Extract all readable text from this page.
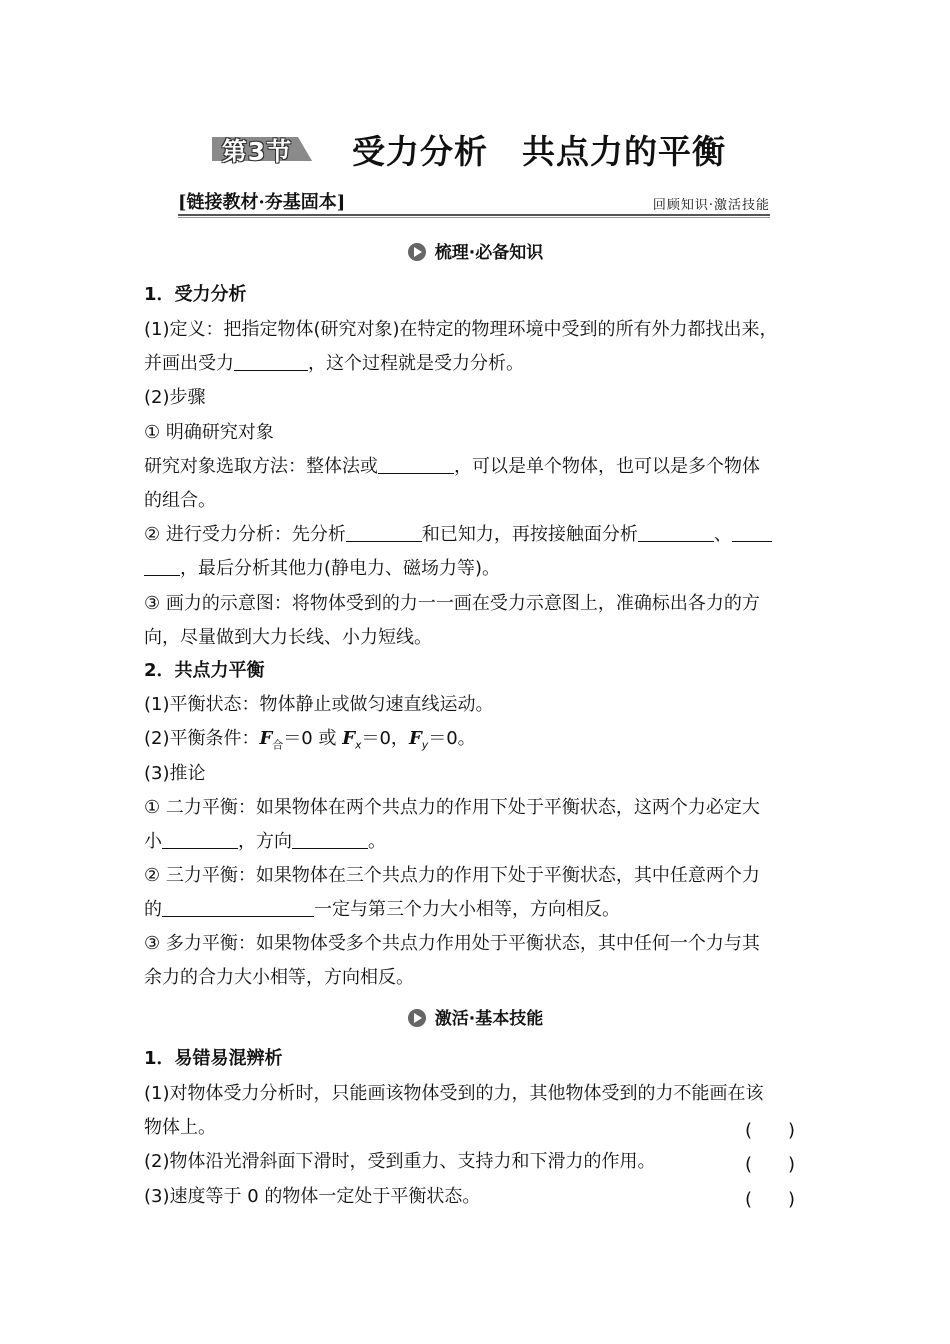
第3节 受力分析　共点力的平衡
[链接教材·夯基固本]	回顾知识·激活技能
梳理·必备知识
1．受力分析
(1)定义：把指定物体(研究对象)在特定的物理环境中受到的所有外力都找出来，
并画出受力	，这个过程就是受力分析。
(2)步骤
① 明确研究对象
研究对象选取方法：整体法或	，可以是单个物体，也可以是多个物体
的组合。
② 进行受力分析：先分析	和已知力，再按接触面分析	、
，最后分析其他力(静电力、磁场力等)。
③ 画力的示意图：将物体受到的力一一画在受力示意图上，准确标出各力的方
向，尽量做到大力长线、小力短线。
2．共点力平衡
(1)平衡状态：物体静止或做匀速直线运动。
(2)平衡条件：$F_合=0$ 或 $F_x=0$，$F_y=0$。
(3)推论
① 二力平衡：如果物体在两个共点力的作用下处于平衡状态，这两个力必定大
小	，方向	。
② 三力平衡：如果物体在三个共点力的作用下处于平衡状态，其中任意两个力
的	一定与第三个力大小相等，方向相反。
③ 多力平衡：如果物体受多个共点力作用处于平衡状态，其中任何一个力与其
余力的合力大小相等，方向相反。
激活·基本技能
1．易错易混辨析
(1)对物体受力分析时，只能画该物体受到的力，其他物体受到的力不能画在该
物体上。	(　　)
(2)物体沿光滑斜面下滑时，受到重力、支持力和下滑力的作用。	(　　)
(3)速度等于 0 的物体一定处于平衡状态。	(　　)
